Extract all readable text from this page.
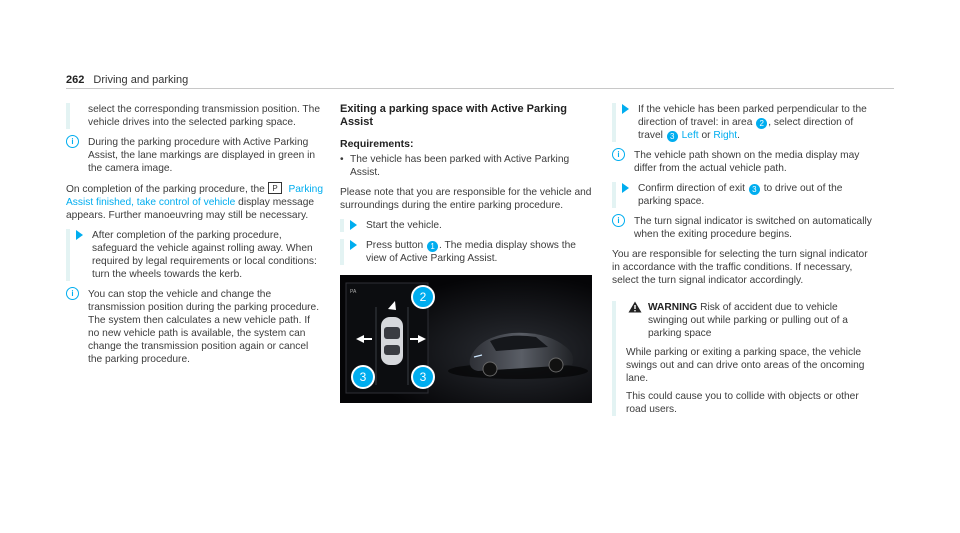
262 Driving and parking

select the corresponding transmission position. The vehicle drives into the selected parking space.

i	During the parking procedure with Active Parking Assist, the lane markings are displayed in green in the camera image.

On completion of the parking procedure, the P Parking Assist finished, take control of vehicle display message appears. Further manoeuvring may still be necessary.

After completion of the parking procedure, safeguard the vehicle against rolling away. When required by legal requirements or local conditions: turn the wheels towards the kerb.

i	You can stop the vehicle and change the transmission position during the parking procedure. The system then calculates a new vehicle path. If no new vehicle path is available, the system can change the transmission position again or cancel the parking procedure.

Exiting a parking space with Active Parking Assist
Requirements:
• The vehicle has been parked with Active Parking Assist.

Please note that you are responsible for the vehicle and surroundings during the entire parking procedure.

Start the vehicle.

Press button 1 . The media display shows the view of Active Parking Assist.

PA	2
3	3

If the vehicle has been parked perpendicular to the direction of travel: in area 2 , select direction of travel 3 Left or Right.

i	The vehicle path shown on the media display may differ from the actual vehicle path.

Confirm direction of exit 3 to drive out of the parking space.

i	The turn signal indicator is switched on automatically when the exiting procedure begins.

You are responsible for selecting the turn signal indicator in accordance with the traffic conditions. If necessary, select the turn signal indicator accordingly.

WARNING Risk of accident due to vehicle swinging out while parking or pulling out of a parking space

While parking or exiting a parking space, the vehicle swings out and can drive onto areas of the oncoming lane.

This could cause you to collide with objects or other road users.
